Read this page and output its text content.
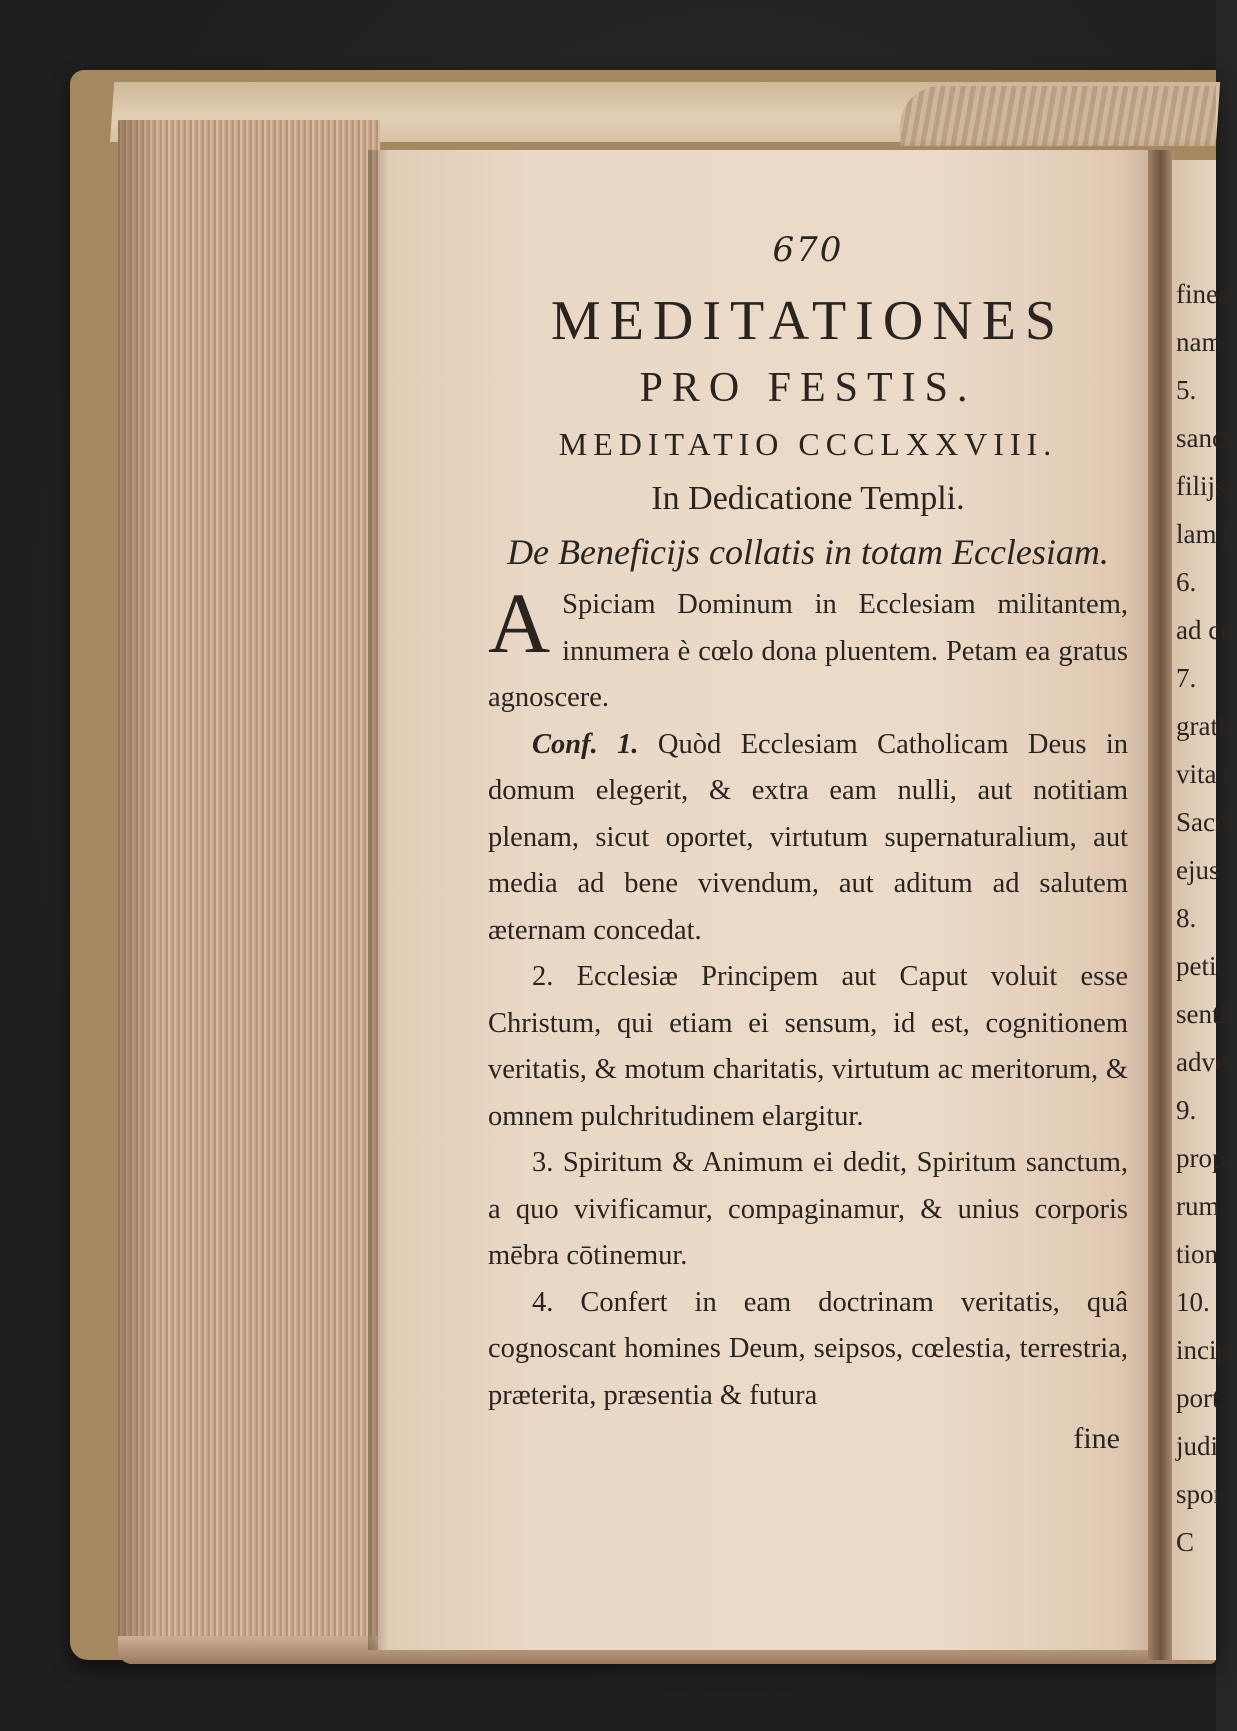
670
MEDITATIONES
PRO FESTIS.
MEDITATIO CCCLXXVIII.
In Dedicatione Templi.
De Beneficijs collatis in totam Ecclesiam.

A Spiciam Dominum in Ecclesiam militantem, innumera è cœlo dona pluentem. Petam ea gratus agnoscere.

Conf. 1. Quòd Ecclesiam Catholicam Deus in domum elegerit, & extra eam nulli, aut notitiam plenam, sicut oportet, virtutum supernaturalium, aut media ad bene vivendum, aut aditum ad salutem æternam concedat.

2. Ecclesiæ Principem aut Caput voluit esse Christum, qui etiam ei sensum, id est, cognitionem veritatis, & motum charitatis, virtutum ac meritorum, & omnem pulchritudinem elargitur.

3. Spiritum & Animum ei dedit, Spiritum sanctum, a quo vivificamur, compaginamur, & unius corporis mēbra cōtinemur.

4. Confert in eam doctrinam veritatis, quâ cognoscant homines Deum, seipsos, cœlestia, terrestria, præterita, præsentia & futura

fine
finea
nam
5.
sanct
filijs,
lam j
6.
ad cu
7.
gratia
vita c
Sacri
ejus
8.
petit
senti
adve
9.
prop
rum
tion
10.
incip
port
judi
spor
C
